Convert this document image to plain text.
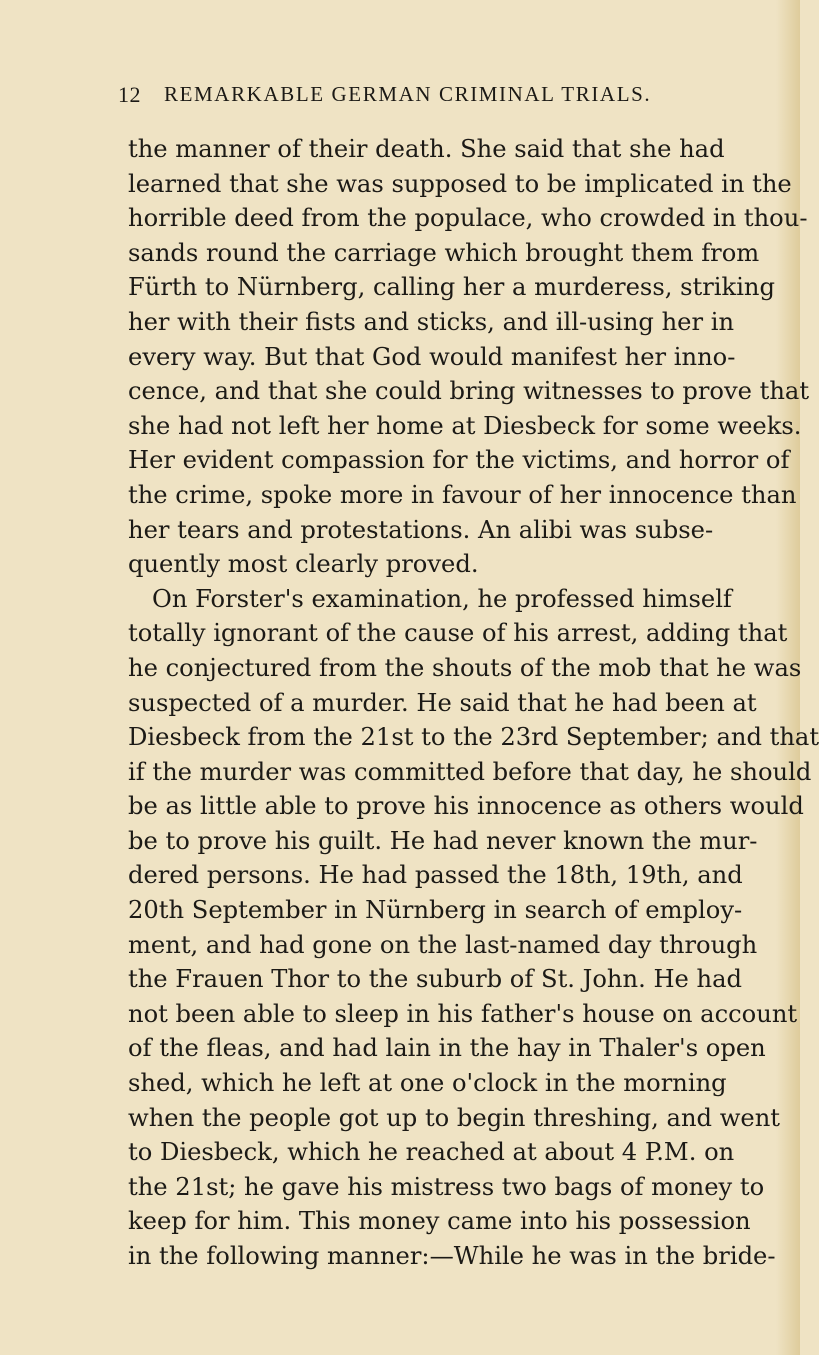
12 REMARKABLE GERMAN CRIMINAL TRIALS.
the manner of their death. She said that she had
learned that she was supposed to be implicated in the
horrible deed from the populace, who crowded in thou-
sands round the carriage which brought them from
Fürth to Nürnberg, calling her a murderess, striking
her with their fists and sticks, and ill-using her in
every way. But that God would manifest her inno-
cence, and that she could bring witnesses to prove that
she had not left her home at Diesbeck for some weeks.
Her evident compassion for the victims, and horror of
the crime, spoke more in favour of her innocence than
her tears and protestations. An alibi was subse-
quently most clearly proved.
On Forster's examination, he professed himself
totally ignorant of the cause of his arrest, adding that
he conjectured from the shouts of the mob that he was
suspected of a murder. He said that he had been at
Diesbeck from the 21st to the 23rd September; and that
if the murder was committed before that day, he should
be as little able to prove his innocence as others would
be to prove his guilt. He had never known the mur-
dered persons. He had passed the 18th, 19th, and
20th September in Nürnberg in search of employ-
ment, and had gone on the last-named day through
the Frauen Thor to the suburb of St. John. He had
not been able to sleep in his father's house on account
of the fleas, and had lain in the hay in Thaler's open
shed, which he left at one o'clock in the morning
when the people got up to begin threshing, and went
to Diesbeck, which he reached at about 4 P.M. on
the 21st; he gave his mistress two bags of money to
keep for him. This money came into his possession
in the following manner:—While he was in the bride-
